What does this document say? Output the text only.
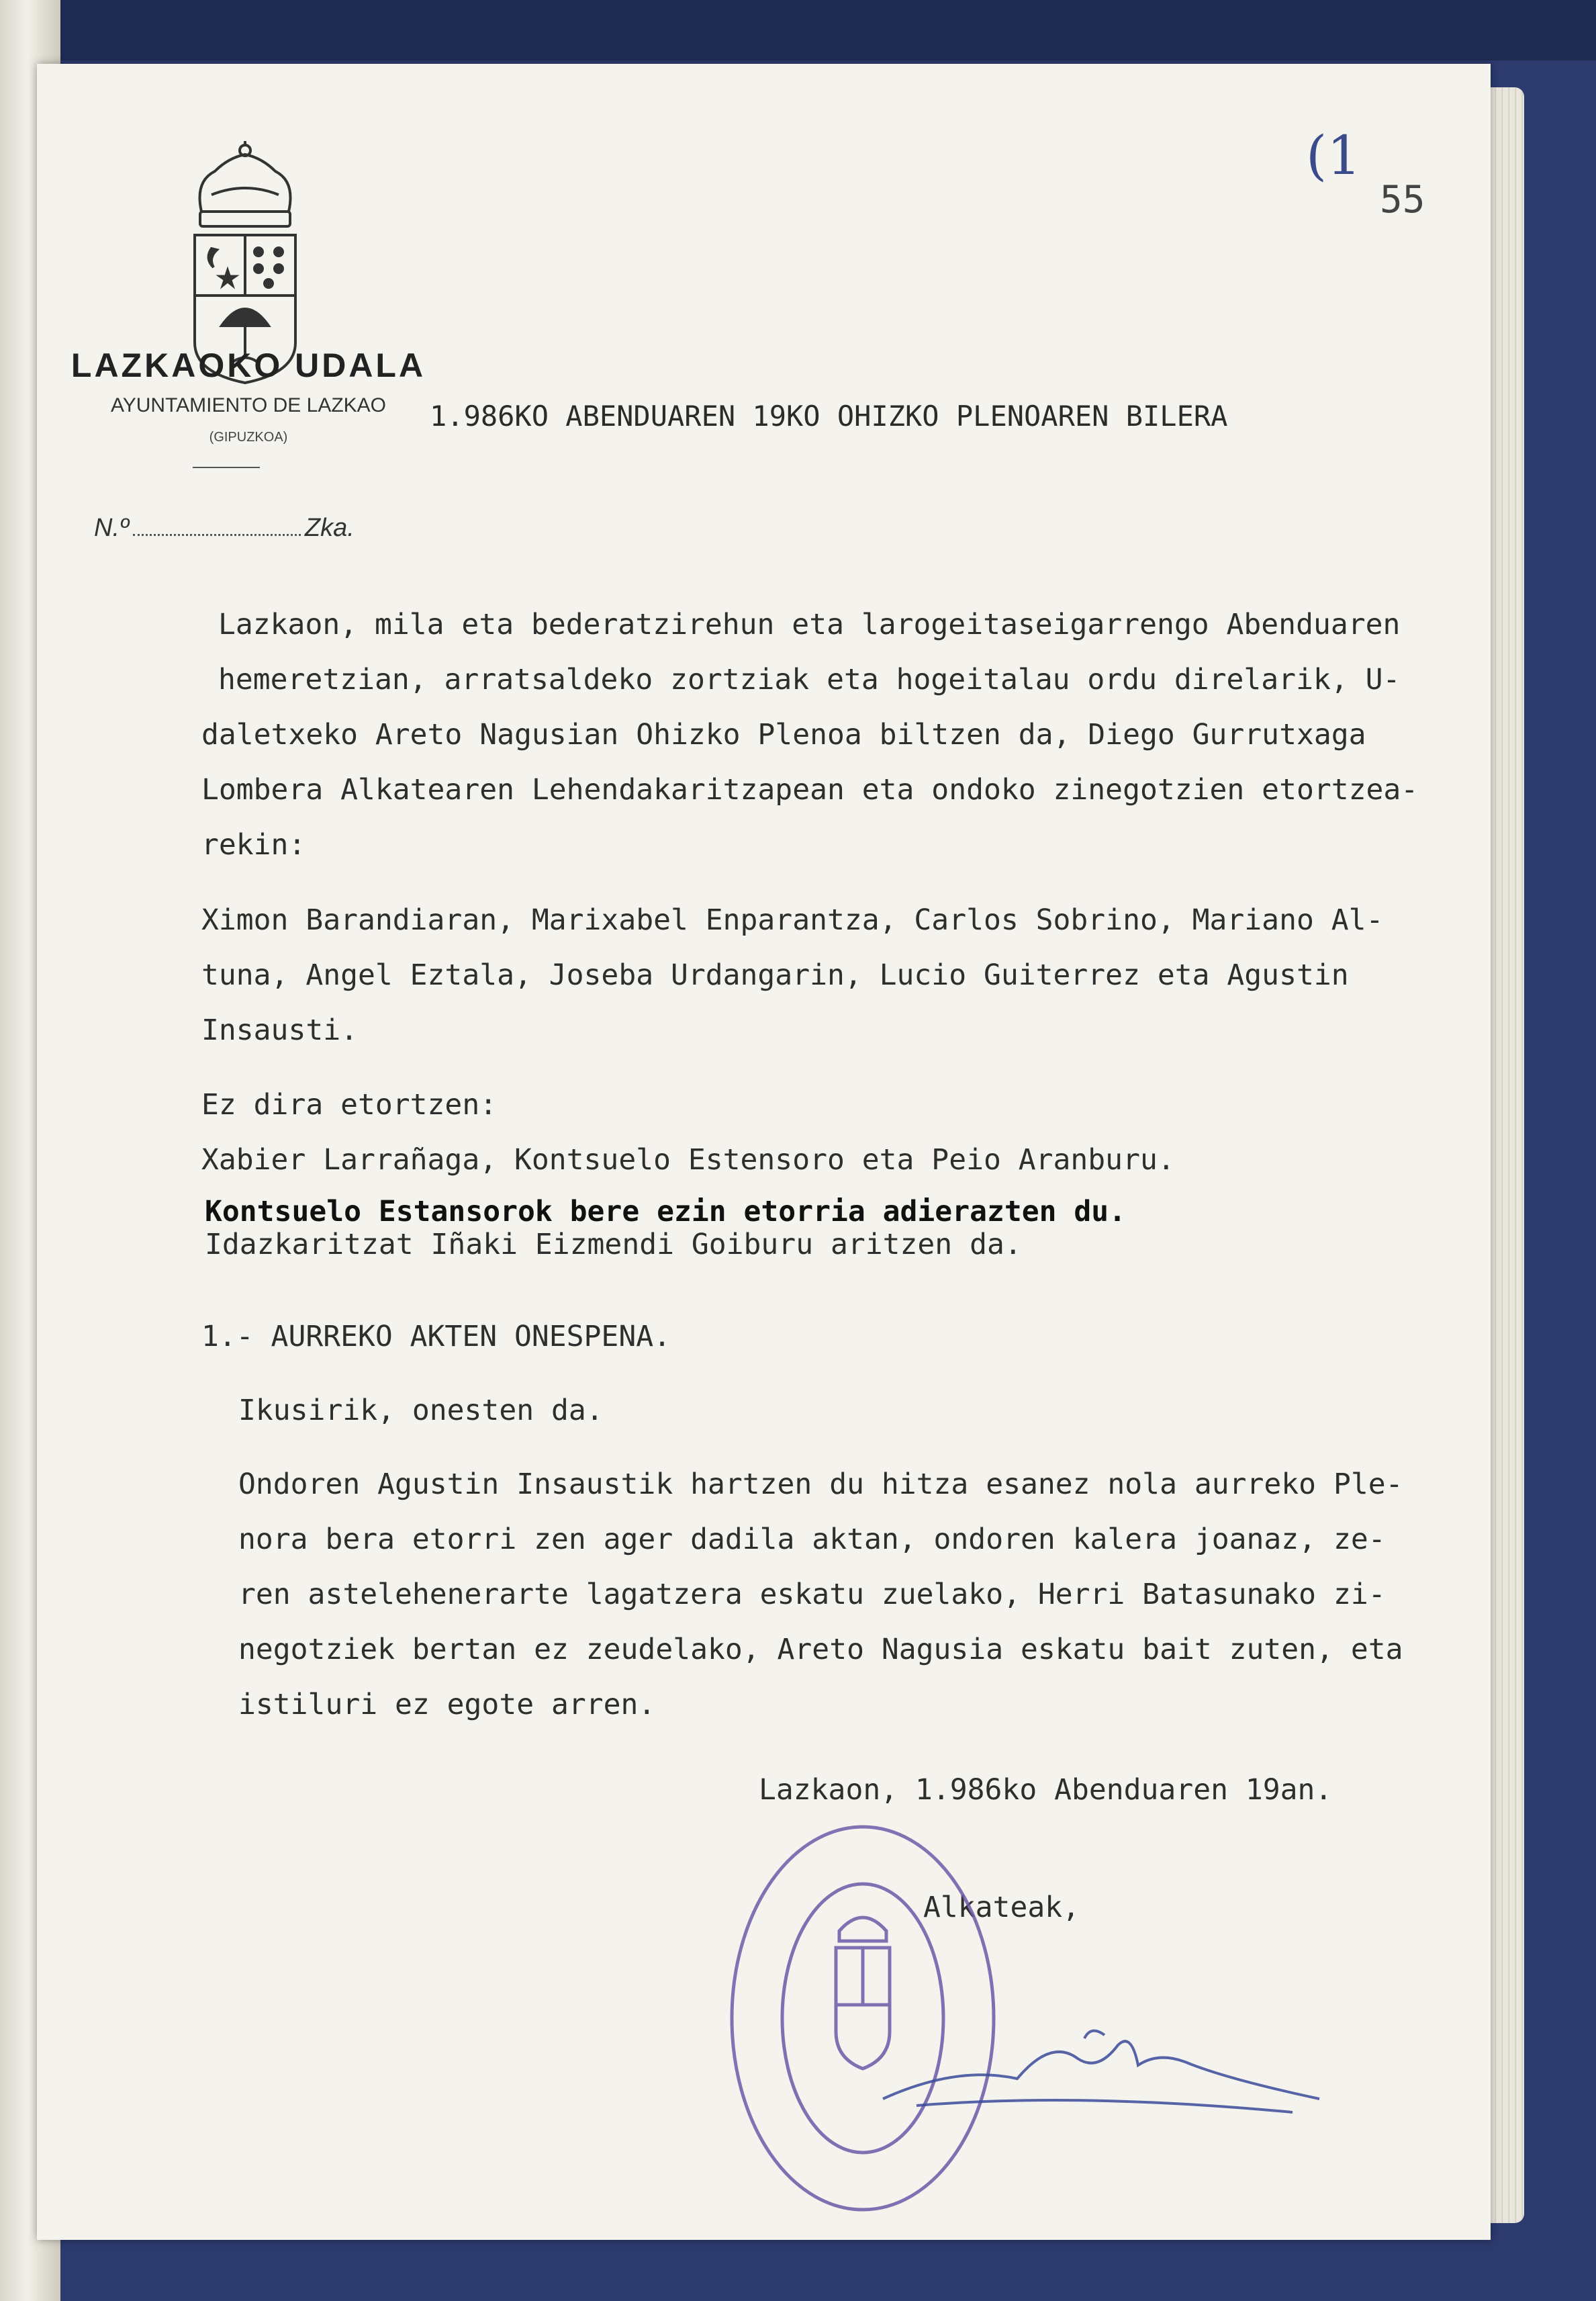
LAZKAOKO UDALA
AYUNTAMIENTO DE LAZKAO
(GIPUZKOA)
N.º	Zka.
(1
55
1.986KO ABENDUAREN 19KO OHIZKO PLENOAREN BILERA
Lazkaon, mila eta bederatzirehun eta larogeitaseigarrengo Abenduaren
hemeretzian, arratsaldeko zortziak eta hogeitalau ordu direlarik, U-
daletxeko Areto Nagusian Ohizko Plenoa biltzen da, Diego Gurrutxaga
Lombera Alkatearen Lehendakaritzapean eta ondoko zinegotzien etortzea-
rekin:
Ximon Barandiaran, Marixabel Enparantza, Carlos Sobrino, Mariano Al-
tuna, Angel Eztala, Joseba Urdangarin, Lucio Guiterrez eta Agustin
Insausti.
Ez dira etortzen:
Xabier Larrañaga, Kontsuelo Estensoro eta Peio Aranburu.
Kontsuelo Estansorok bere ezin etorria adierazten du.
Idazkaritzat Iñaki Eizmendi Goiburu aritzen da.
1.- AURREKO AKTEN ONESPENA.
Ikusirik, onesten da.
Ondoren Agustin Insaustik hartzen du hitza esanez nola aurreko Ple-
nora bera etorri zen ager dadila aktan, ondoren kalera joanaz, ze-
ren astelehenerarte lagatzera eskatu zuelako, Herri Batasunako zi-
negotziek bertan ez zeudelako, Areto Nagusia eskatu bait zuten, eta
istiluri ez egote arren.
Lazkaon, 1.986ko Abenduaren 19an.
Alkateak,
